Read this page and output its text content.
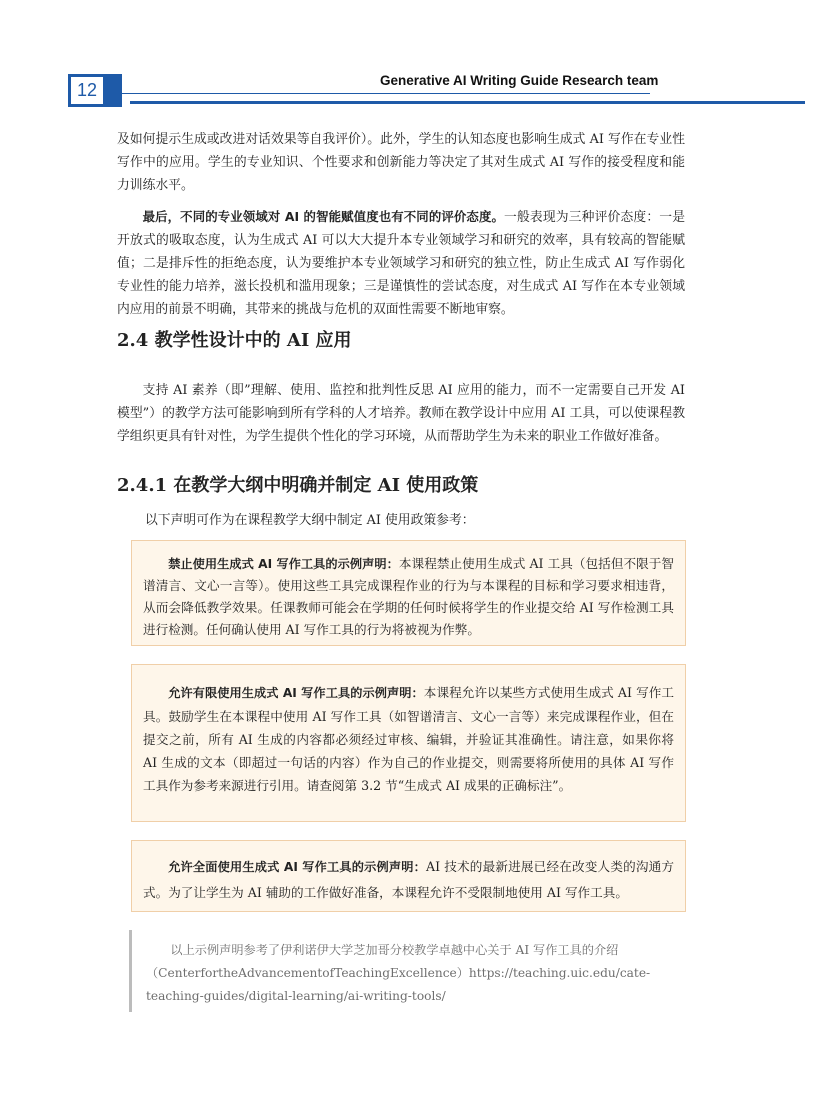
12	Generative AI Writing Guide Research team

及如何提示生成或改进对话效果等自我评价）。此外，学生的认知态度也影响生成式 AI 写作在专业性写作中的应用。学生的专业知识、个性要求和创新能力等决定了其对生成式 AI 写作的接受程度和能力训练水平。

最后，不同的专业领域对 AI 的智能赋值度也有不同的评价态度。一般表现为三种评价态度：一是开放式的吸取态度，认为生成式 AI 可以大大提升本专业领域学习和研究的效率，具有较高的智能赋值；二是排斥性的拒绝态度，认为要维护本专业领域学习和研究的独立性，防止生成式 AI 写作弱化专业性的能力培养，滋长投机和滥用现象；三是谨慎性的尝试态度，对生成式 AI 写作在本专业领域内应用的前景不明确，其带来的挑战与危机的双面性需要不断地审察。

2.4 教学性设计中的 AI 应用

支持 AI 素养（即”理解、使用、监控和批判性反思 AI 应用的能力，而不一定需要自己开发 AI 模型”）的教学方法可能影响到所有学科的人才培养。教师在教学设计中应用 AI 工具，可以使课程教学组织更具有针对性，为学生提供个性化的学习环境，从而帮助学生为未来的职业工作做好准备。

2.4.1 在教学大纲中明确并制定 AI 使用政策
以下声明可作为在课程教学大纲中制定 AI 使用政策参考：

禁止使用生成式 AI 写作工具的示例声明：本课程禁止使用生成式 AI 工具（包括但不限于智谱清言、文心一言等）。使用这些工具完成课程作业的行为与本课程的目标和学习要求相违背，从而会降低教学效果。任课教师可能会在学期的任何时候将学生的作业提交给 AI 写作检测工具进行检测。任何确认使用 AI 写作工具的行为将被视为作弊。

允许有限使用生成式 AI 写作工具的示例声明：本课程允许以某些方式使用生成式 AI 写作工具。鼓励学生在本课程中使用 AI 写作工具（如智谱清言、文心一言等）来完成课程作业，但在提交之前，所有 AI 生成的内容都必须经过审核、编辑，并验证其准确性。请注意，如果你将 AI 生成的文本（即超过一句话的内容）作为自己的作业提交，则需要将所使用的具体 AI 写作工具作为参考来源进行引用。请查阅第 3.2 节“生成式 AI 成果的正确标注”。

允许全面使用生成式 AI 写作工具的示例声明：AI 技术的最新进展已经在改变人类的沟通方式。为了让学生为 AI 辅助的工作做好准备，本课程允许不受限制地使用 AI 写作工具。

以上示例声明参考了伊利诺伊大学芝加哥分校教学卓越中心关于 AI 写作工具的介绍（CenterfortheAdvancementofTeachingExcellence）https://teaching.uic.edu/cate-teaching-guides/digital-learning/ai-writing-tools/
